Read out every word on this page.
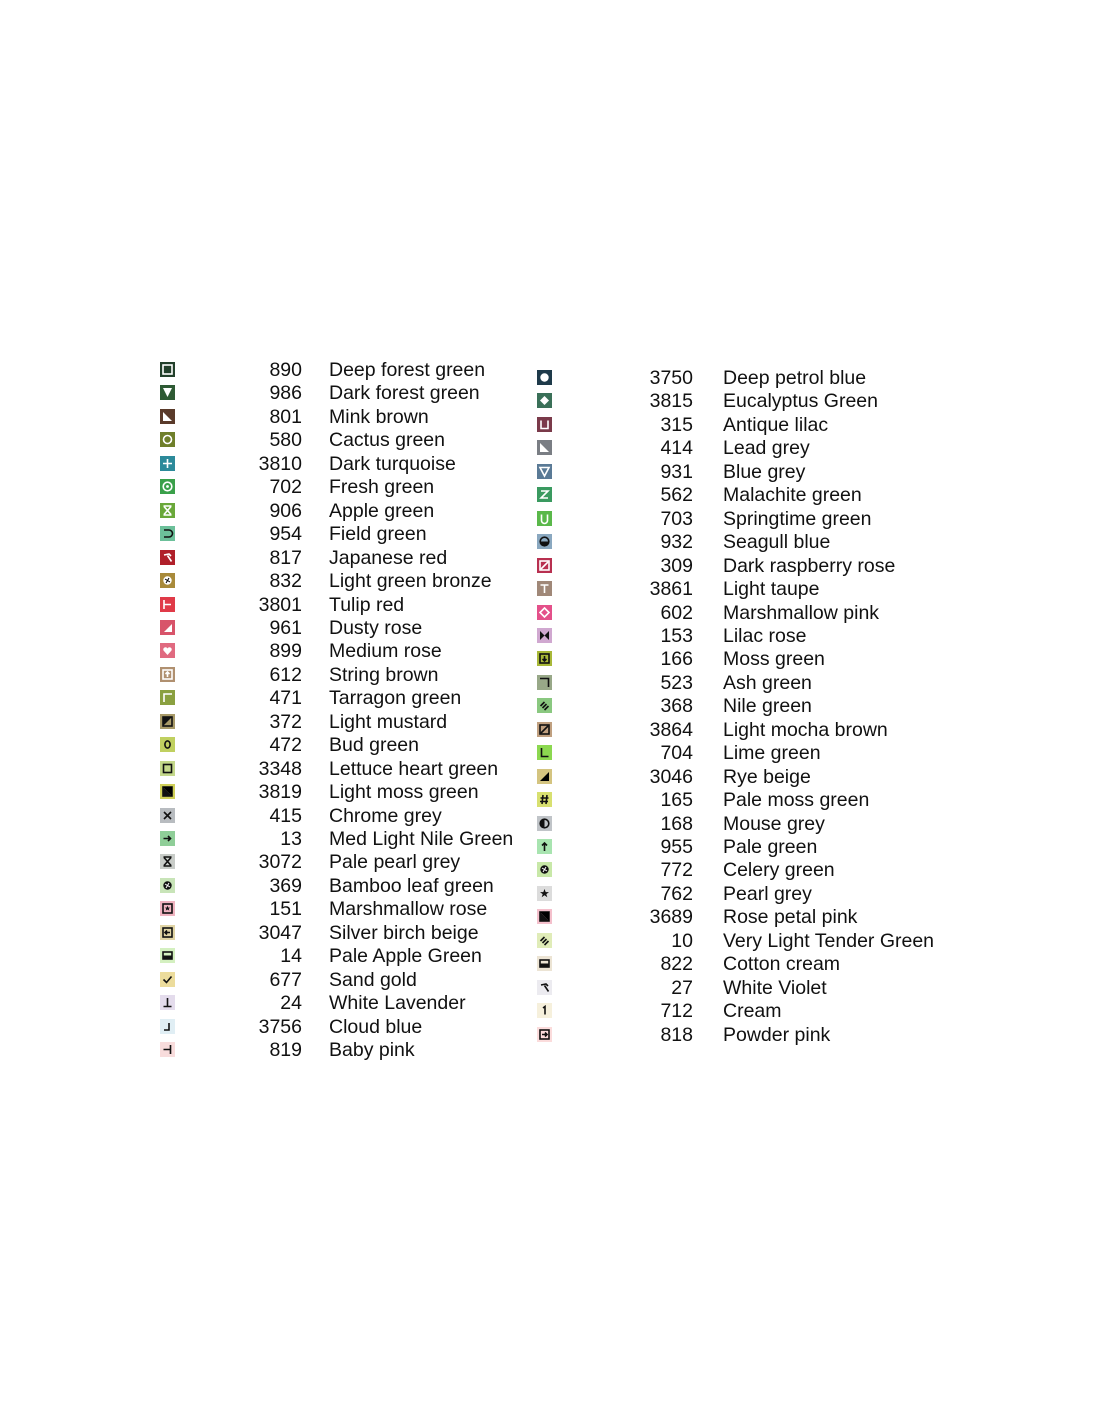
890 Deep forest green
986 Dark forest green
801 Mink brown
580 Cactus green
3810 Dark turquoise
702 Fresh green
906 Apple green
954 Field green
817 Japanese red
832 Light green bronze
3801 Tulip red
961 Dusty rose
899 Medium rose
612 String brown
471 Tarragon green
372 Light mustard
472 Bud green
3348 Lettuce heart green
3819 Light moss green
415 Chrome grey
13 Med Light Nile Green
3072 Pale pearl grey
369 Bamboo leaf green
151 Marshmallow rose
3047 Silver birch beige
14 Pale Apple Green
677 Sand gold
24 White Lavender
3756 Cloud blue
819 Baby pink
3750 Deep petrol blue
3815 Eucalyptus Green
315 Antique lilac
414 Lead grey
931 Blue grey
562 Malachite green
703 Springtime green
932 Seagull blue
309 Dark raspberry rose
3861 Light taupe
602 Marshmallow pink
153 Lilac rose
166 Moss green
523 Ash green
368 Nile green
3864 Light mocha brown
704 Lime green
3046 Rye beige
165 Pale moss green
168 Mouse grey
955 Pale green
772 Celery green
762 Pearl grey
3689 Rose petal pink
10 Very Light Tender Green
822 Cotton cream
27 White Violet
712 Cream
818 Powder pink
